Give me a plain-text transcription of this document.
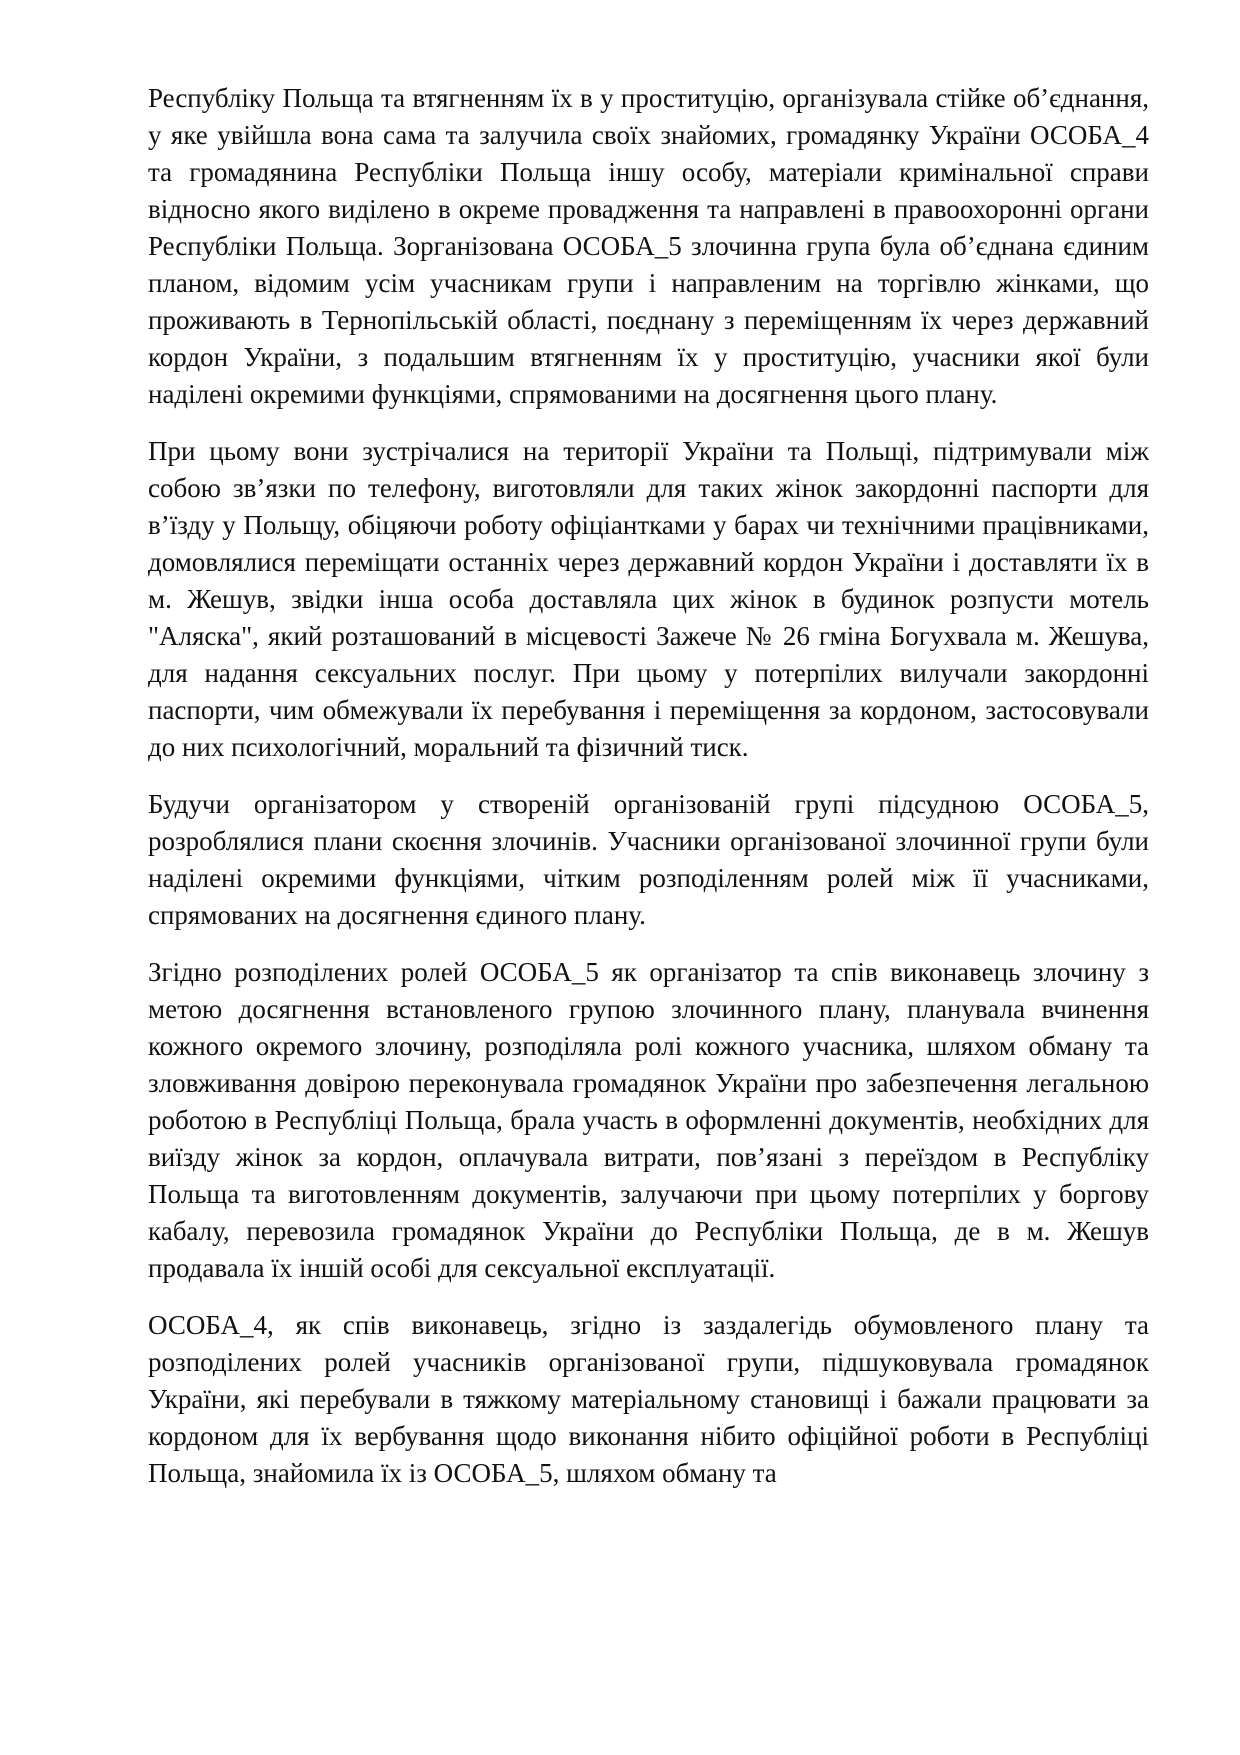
Республіку Польща та втягненням їх в у проституцію, організувала стійке об’єднання, у яке увійшла вона сама та залучила своїх знайомих, громадянку України ОСОБА_4 та громадянина Республіки Польща іншу особу, матеріали кримінальної справи відносно якого виділено в окреме провадження та направлені в правоохоронні органи Республіки Польща. Зорганізована ОСОБА_5 злочинна група була об’єднана єдиним планом, відомим усім учасникам групи і направленим на торгівлю жінками, що проживають в Тернопільській області, поєднану з переміщенням їх через державний кордон України, з подальшим втягненням їх у проституцію, учасники якої були наділені окремими функціями, спрямованими на досягнення цього плану.

При цьому вони зустрічалися на території України та Польщі, підтримували між собою зв’язки по телефону, виготовляли для таких жінок закордонні паспорти для в’їзду у Польщу, обіцяючи роботу офіціантками у барах чи технічними працівниками, домовлялися переміщати останніх через державний кордон України і доставляти їх в м. Жешув, звідки інша особа доставляла цих жінок в будинок розпусти мотель "Аляска", який розташований в місцевості Зажече № 26 гміна Богухвала м. Жешува, для надання сексуальних послуг. При цьому у потерпілих вилучали закордонні паспорти, чим обмежували їх перебування і переміщення за кордоном, застосовували до них психологічний, моральний та фізичний тиск.

Будучи організатором у створеній організованій групі підсудною ОСОБА_5, розроблялися плани скоєння злочинів. Учасники організованої злочинної групи були наділені окремими функціями, чітким розподіленням ролей між її учасниками, спрямованих на досягнення єдиного плану.

Згідно розподілених ролей ОСОБА_5 як організатор та спів виконавець злочину з метою досягнення встановленого групою злочинного плану, планувала вчинення кожного окремого злочину, розподіляла ролі кожного учасника, шляхом обману та зловживання довірою переконувала громадянок України про забезпечення легальною роботою в Республіці Польща, брала участь в оформленні документів, необхідних для виїзду жінок за кордон, оплачувала витрати, пов’язані з переїздом в Республіку Польща та виготовленням документів, залучаючи при цьому потерпілих у боргову кабалу, перевозила громадянок України до Республіки Польща, де в м. Жешув продавала їх іншій особі для сексуальної експлуатації.

ОСОБА_4, як спів виконавець, згідно із заздалегідь обумовленого плану та розподілених ролей учасників організованої групи, підшуковувала громадянок України, які перебували в тяжкому матеріальному становищі і бажали працювати за кордоном для їх вербування щодо виконання нібито офіційної роботи в Республіці Польща, знайомила їх із ОСОБА_5, шляхом обману та
